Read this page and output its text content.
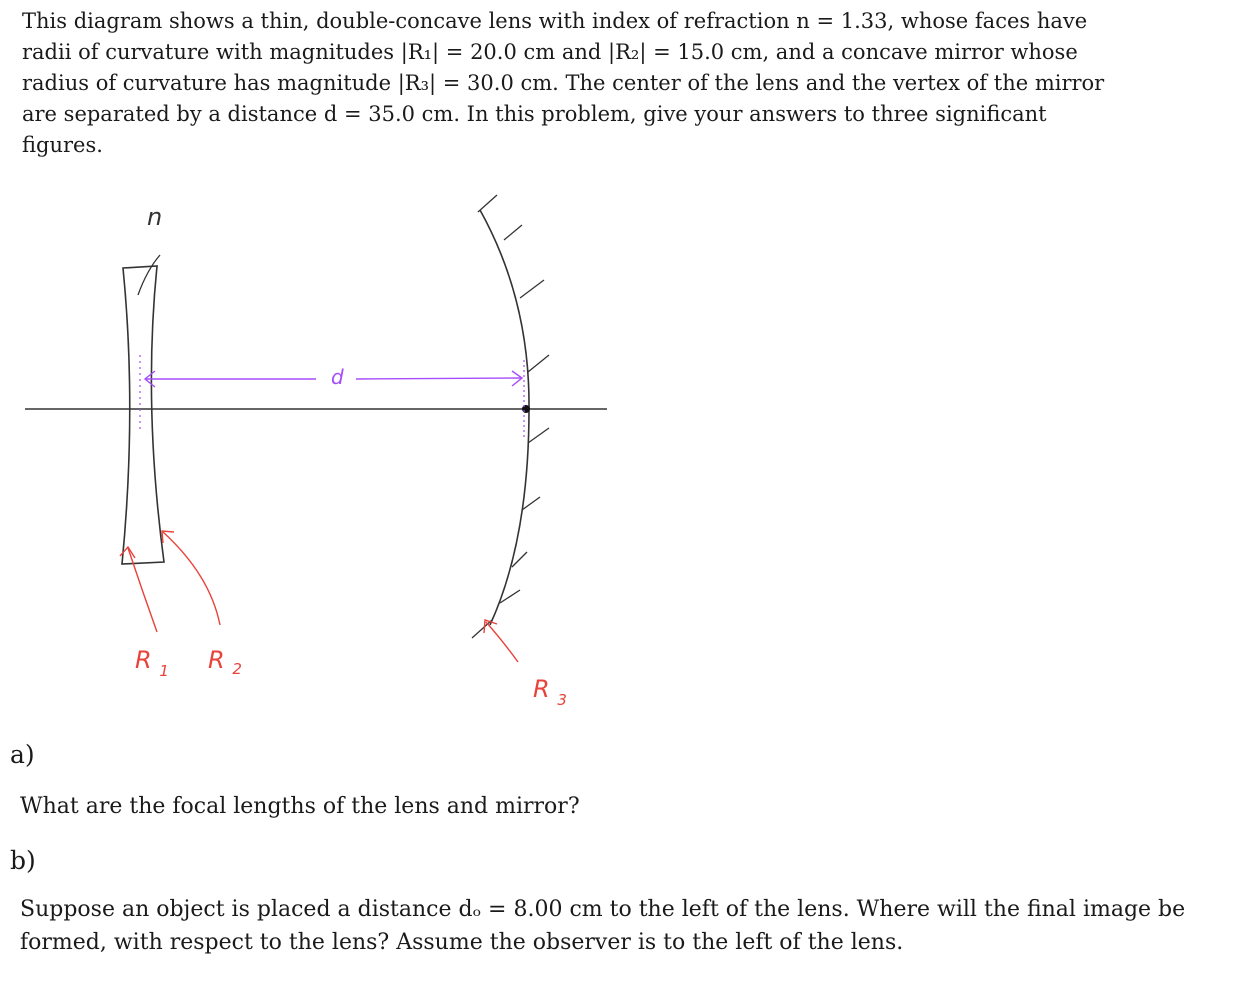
This diagram shows a thin, double-concave lens with index of refraction n = 1.33, whose faces have radii of curvature with magnitudes |R₁| = 20.0 cm and |R₂| = 15.0 cm, and a concave mirror whose radius of curvature has magnitude |R₃| = 30.0 cm. The center of the lens and the vertex of the mirror are separated by a distance d = 35.0 cm. In this problem, give your answers to three significant figures.

d
n
R $_1$ R $_2$
R $_3$

a)

What are the focal lengths of the lens and mirror?

b)

Suppose an object is placed a distance dₒ = 8.00 cm to the left of the lens. Where will the final image be formed, with respect to the lens? Assume the observer is to the left of the lens.
